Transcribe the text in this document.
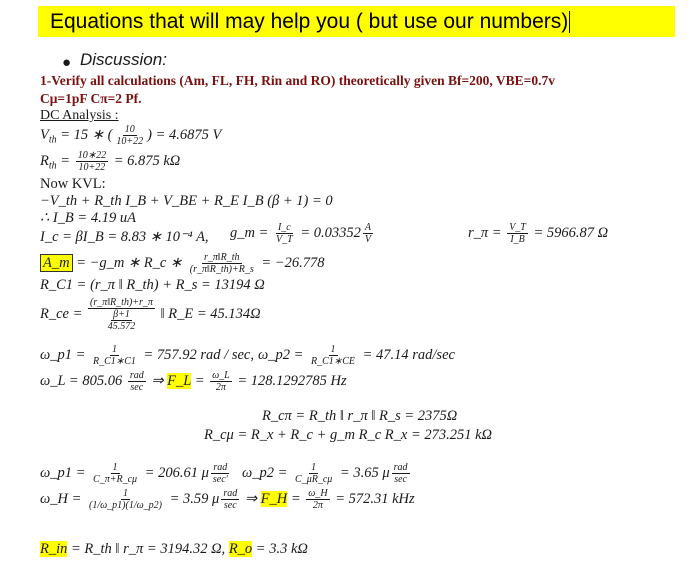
Equations that will may help you ( but use our numbers)
● Discussion:
1-Verify all calculations (Am, FL, FH, Rin and RO) theoretically given Bf=200, VBE=0.7v
Cμ=1pF Cπ=2 Pf.
DC Analysis :
$V_{th} = 15$ ∗ ( $\frac{10}{10+22}$ ) = 4.6875 V
$R_{th} = \frac{10∗22}{10+22} = 6.875$ kΩ
Now KVL:
−V_th + R_th I_B + V_BE + R_E I_B (β + 1) = 0
∴ I_B = 4.19 uA
I_c = βI_B = 8.83 ∗ 10⁻⁴ A, g_m = $\frac{I\_c}{V\_T} = 0.03352 \frac{A}{V}$	r_π = $\frac{V\_T}{I\_B} = 5966.87$ Ω
A_m = −g_m ∗ R_c ∗ $\frac{r\_\pi‖R\_th}{(r\_\pi‖R\_th)+R\_s} = -26.778$
R_C1 = (r_π ‖ R_th) + R_s = 13194 Ω
R_ce = $\frac{(r\_\pi‖R\_th)+r\_\pi}{\frac{\beta+1}{45.572}}$ ‖ R_E = 45.134Ω
ω_p1 = $\frac{1}{R\_C1∗C1} = 757.92$ rad / sec, ω_p2 = $\frac{1}{R\_C1∗CE} = 47.14$ rad/sec
ω_L = $805.06 \frac{\text{rad}}{\sec}$ ⇒ F_L = $\frac{\omega\_L}{2\pi} = 128.1292785$ Hz
R_cπ = R_th ‖ r_π ‖ R_s = 2375Ω
R_cμ = R_x + R_c + g_m R_c R_x = 273.251 kΩ
ω_p1 = $\frac{1}{C\_\pi+R\_c\mu} = 206.61$ μ $\frac{\text{rad}}{\sec'}$ ω_p2 = $\frac{1}{C\_\mu R\_c\mu} = 3.65$ μ $\frac{\text{rad}}{\sec}$
ω_H = $\frac{1}{(1/\omega\_p1)(1/\omega\_p2)} = 3.59$ μ $\frac{\text{rad}}{\sec}$ ⇒ F_H = $\frac{\omega\_H}{2\pi} = 572.31$ kHz
R_in = R_th ‖ r_π = 3194.32 Ω, R_o = 3.3 kΩ
